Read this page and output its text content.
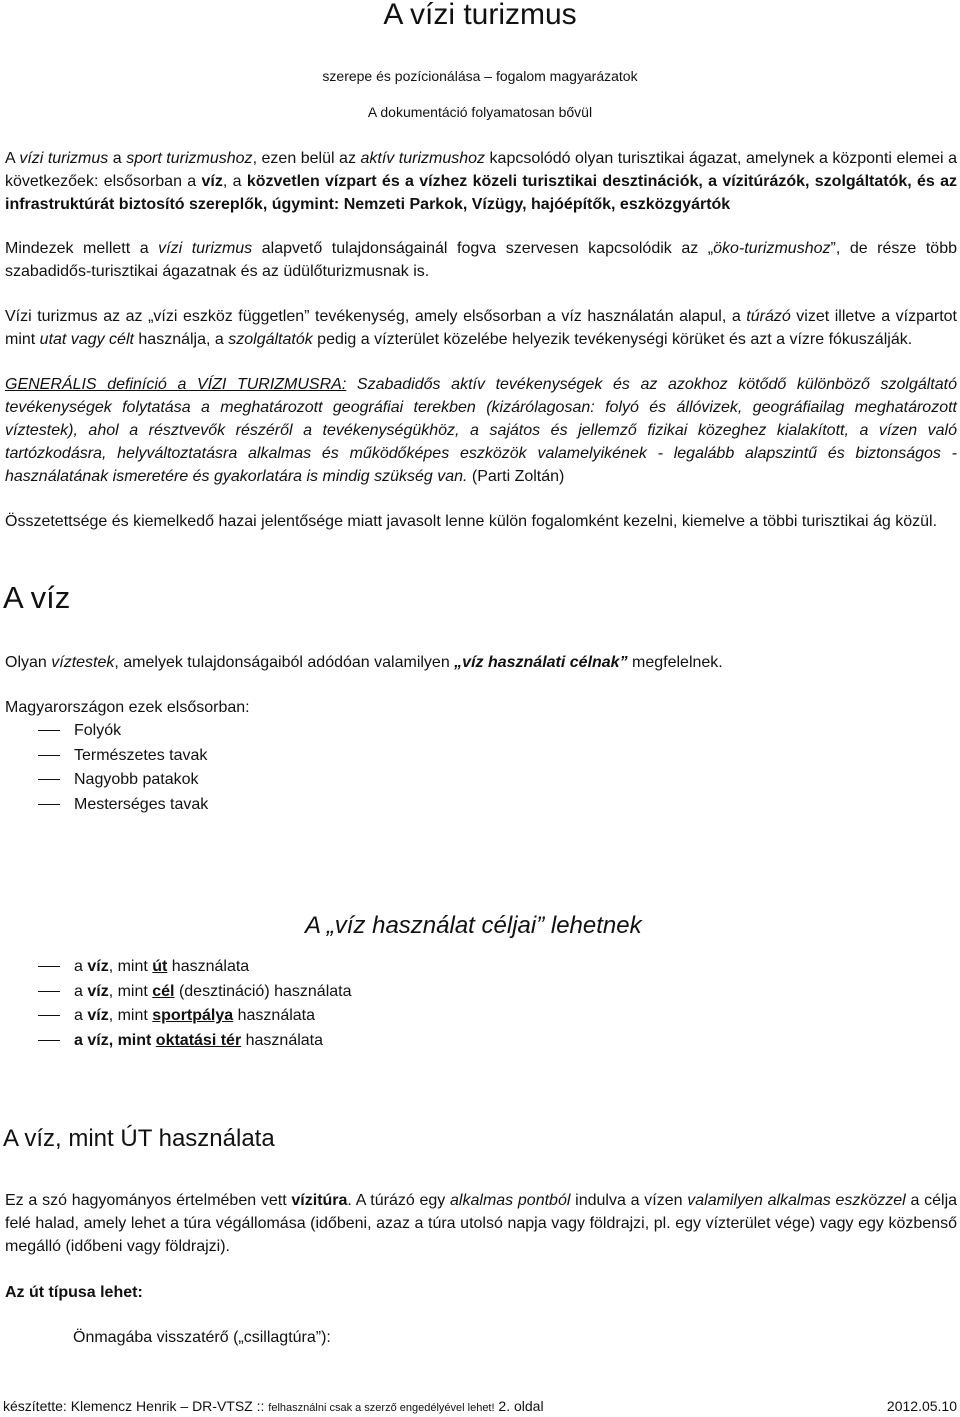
A vízi turizmus
szerepe és pozícionálása – fogalom magyarázatok
A dokumentáció folyamatosan bővül
A vízi turizmus a sport turizmushoz, ezen belül az aktív turizmushoz kapcsolódó olyan turisztikai ágazat, amelynek a központi elemei a következőek: elsősorban a víz, a közvetlen vízpart és a vízhez közeli turisztikai desztinációk, a vízitúrázók, szolgáltatók, és az infrastruktúrát biztosító szereplők, úgymint: Nemzeti Parkok, Vízügy, hajóépítők, eszközgyártók
Mindezek mellett a vízi turizmus alapvető tulajdonságainál fogva szervesen kapcsolódik az „öko-turizmushoz”, de része több szabadidős-turisztikai ágazatnak és az üdülőturizmusnak is.
Vízi turizmus az az „vízi eszköz független” tevékenység, amely elsősorban a víz használatán alapul, a túrázó vizet illetve a vízpartot mint utat vagy célt használja, a szolgáltatók pedig a vízterület közelébe helyezik tevékenységi körüket és azt a vízre fókuszálják.
GENERÁLIS definíció a VÍZI TURIZMUSRA: Szabadidős aktív tevékenységek és az azokhoz kötődő különböző szolgáltató tevékenységek folytatása a meghatározott geográfiai terekben (kizárólagosan: folyó és állóvizek, geográfiailag meghatározott víztestek), ahol a résztvevők részéről a tevékenységükhöz, a sajátos és jellemző fizikai közeghez kialakított, a vízen való tartózkodásra, helyváltoztatásra alkalmas és működőképes eszközök valamelyikének - legalább alapszintű és biztonságos - használatának ismeretére és gyakorlatára is mindig szükség van. (Parti Zoltán)
Összetettsége és kiemelkedő hazai jelentősége miatt javasolt lenne külön fogalomként kezelni, kiemelve a többi turisztikai ág közül.
A víz
Olyan víztestek, amelyek tulajdonságaiból adódóan valamilyen „víz használati célnak” megfelelnek.
Magyarországon ezek elsősorban:
Folyók
Természetes tavak
Nagyobb patakok
Mesterséges tavak
A „víz használat céljai” lehetnek
a víz, mint út használata
a víz, mint cél (desztináció) használata
a víz, mint sportpálya használata
a víz, mint oktatási tér használata
A víz, mint ÚT használata
Ez a szó hagyományos értelmében vett vízitúra. A túrázó egy alkalmas pontból indulva a vízen valamilyen alkalmas eszközzel a célja felé halad, amely lehet a túra végállomása (időbeni, azaz a túra utolsó napja vagy földrajzi, pl. egy vízterület vége) vagy egy közbenső megálló (időbeni vagy földrajzi).
Az út típusa lehet:
Önmagába visszatérő („csillagtúra”):
készítette: Klemencz Henrik – DR-VTSZ :: felhasználni csak a szerző engedélyével lehet! 2. oldal	2012.05.10
